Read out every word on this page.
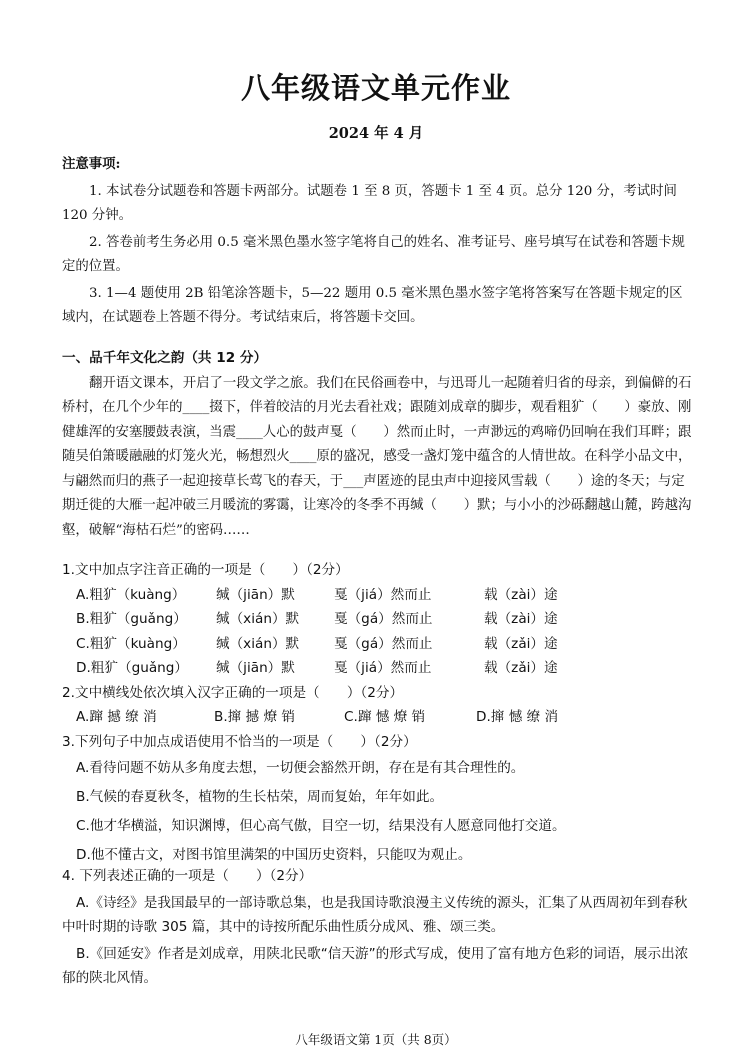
八年级语文单元作业
2024 年 4 月
注意事项:
1. 本试卷分试题卷和答题卡两部分。试题卷 1 至 8 页，答题卡 1 至 4 页。总分 120 分，考试时间 120 分钟。
2. 答卷前考生务必用 0.5 毫米黑色墨水签字笔将自己的姓名、准考证号、座号填写在试卷和答题卡规定的位置。
3. 1—4 题使用 2B 铅笔涂答题卡，5—22 题用 0.5 毫米黑色墨水签字笔将答案写在答题卡规定的区域内，在试题卷上答题不得分。考试结束后，将答题卡交回。
一、品千年文化之韵（共 12 分）
翻开语文课本，开启了一段文学之旅。我们在民俗画卷中，与迅哥儿一起随着归省的母亲，到偏僻的石桥村，在几个少年的____掇下，伴着皎洁的月光去看社戏；跟随刘成章的脚步，观看粗犷（　　）豪放、刚健雄浑的安塞腰鼓表演，当震____人心的鼓声戛（　　）然而止时，一声渺远的鸡啼仍回响在我们耳畔；跟随吴伯箫暖融融的灯笼火光，畅想烈火____原的盛况，感受一盏灯笼中蕴含的人情世故。在科学小品文中，与翩然而归的燕子一起迎接草长莺飞的春天，于___声匿迹的昆虫声中迎接风雪载（　　）途的冬天；与定期迁徙的大雁一起冲破三月暖流的雾霭，让寒冷的冬季不再缄（　　）默；与小小的沙砾翻越山麓，跨越沟壑，破解“海枯石烂”的密码……
1.文中加点字注音正确的一项是（　　）（2分）
A.粗犷（kuàng） 缄（jiān）默	戛（jiá）然而止	载（zài）途
B.粗犷（guǎng） 缄（xián）默	戛（gá）然而止	载（zài）途
C.粗犷（kuàng） 缄（xián）默	戛（gá）然而止	载（zǎi）途
D.粗犷（guǎng） 缄（jiān）默	戛（jiá）然而止	载（zǎi）途
2.文中横线处依次填入汉字正确的一项是（　　）（2分）
A.蹿 撼 缭 消	B.撺 撼 燎 销	C.蹿 憾 燎 销	D.撺 憾 缭 消
3.下列句子中加点成语使用不恰当的一项是（　　）（2分）
A.看待问题不妨从多角度去想，一切便会豁然开朗，存在是有其合理性的。
B.气候的春夏秋冬，植物的生长枯荣，周而复始，年年如此。
C.他才华横溢，知识渊博，但心高气傲，目空一切，结果没有人愿意同他打交道。
D.他不懂古文，对图书馆里满架的中国历史资料，只能叹为观止。
4. 下列表述正确的一项是（　　）（2分）
A.《诗经》是我国最早的一部诗歌总集，也是我国诗歌浪漫主义传统的源头，汇集了从西周初年到春秋中叶时期的诗歌 305 篇，其中的诗按所配乐曲性质分成风、雅、颂三类。
B.《回延安》作者是刘成章，用陕北民歌“信天游”的形式写成，使用了富有地方色彩的词语，展示出浓郁的陕北风情。
八年级语文第 1页（共 8页）
